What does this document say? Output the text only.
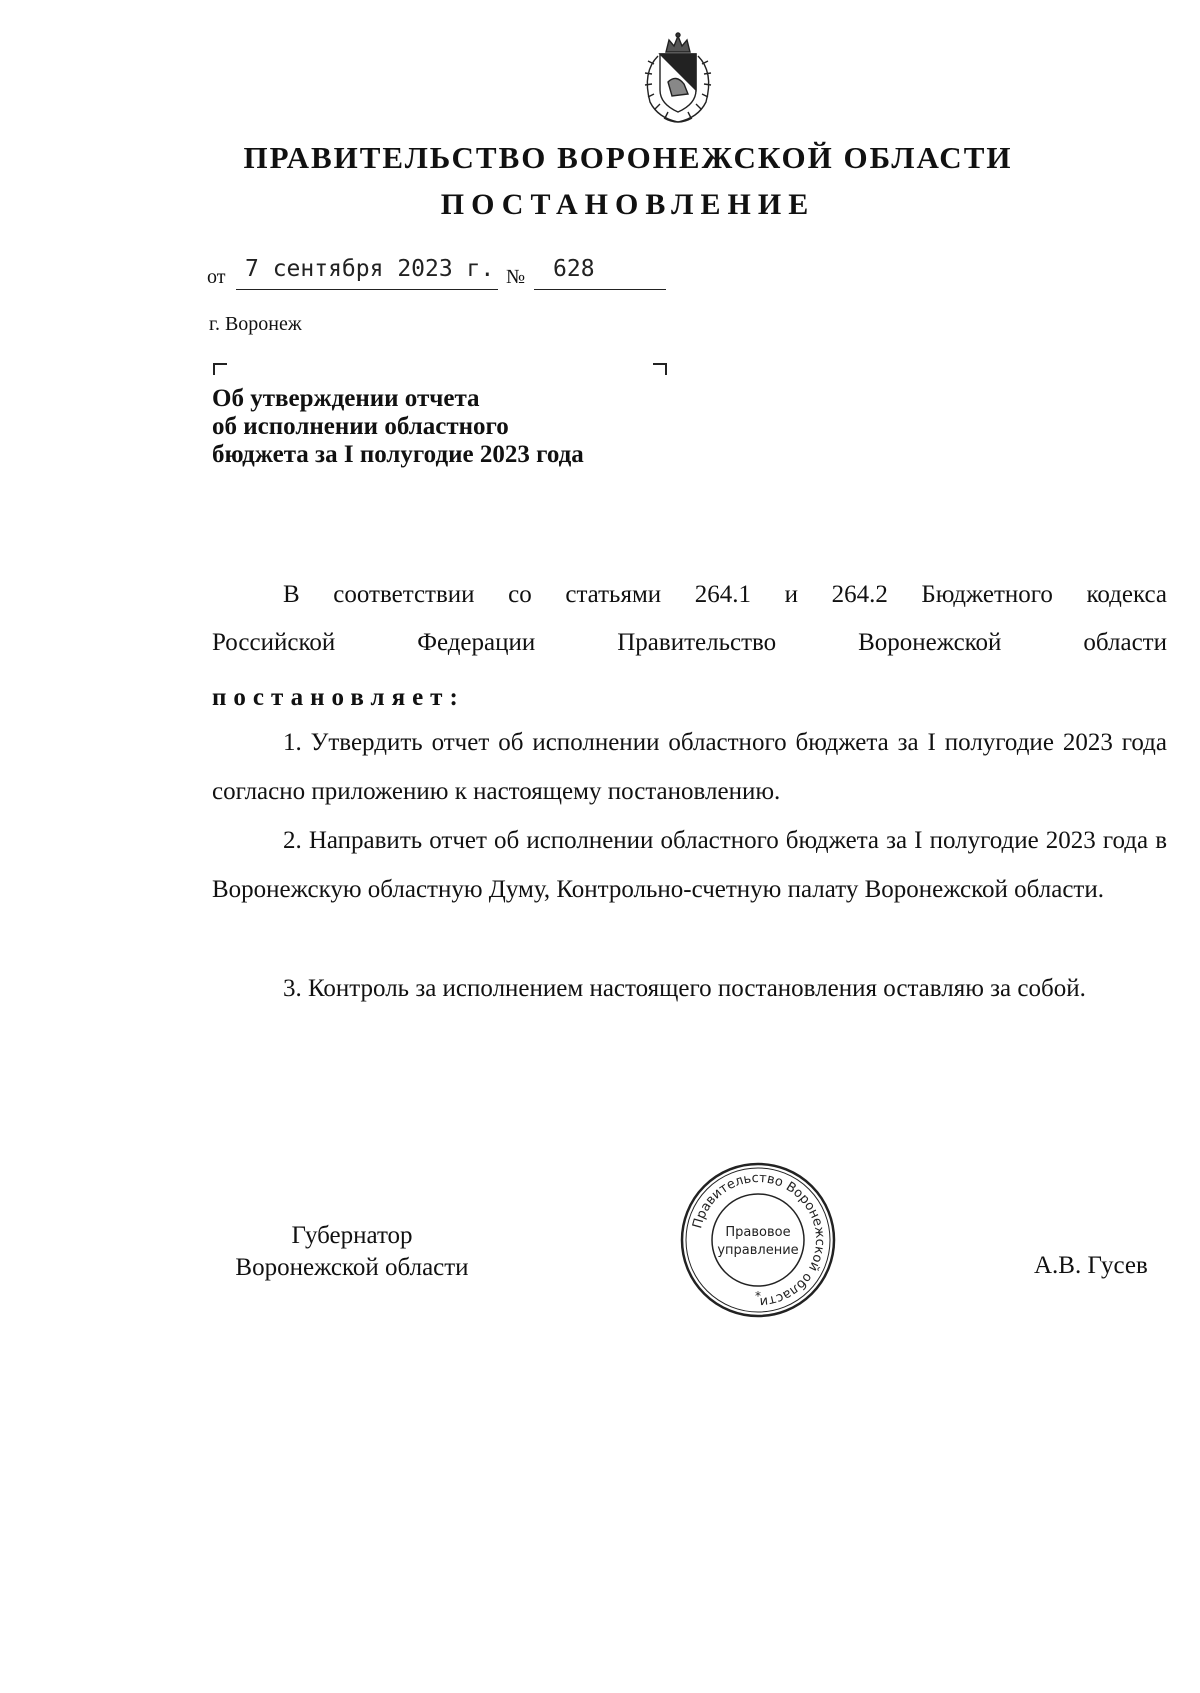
ПРАВИТЕЛЬСТВО ВОРОНЕЖСКОЙ ОБЛАСТИ
ПОСТАНОВЛЕНИЕ
от 7 сентября 2023 г. № 628
г. Воронеж
Об утверждении отчета
об исполнении областного
бюджета за I полугодие 2023 года
В соответствии со статьями 264.1 и 264.2 Бюджетного кодекса
Российской Федерации Правительство Воронежской области
постановляет:
1. Утвердить отчет об исполнении областного бюджета за I полугодие 2023 года согласно приложению к настоящему постановлению.
2. Направить отчет об исполнении областного бюджета за I полугодие 2023 года в Воронежскую областную Думу, Контрольно-счетную палату Воронежской области.
3. Контроль за исполнением настоящего постановления оставляю за собой.
Губернатор
Воронежской области	А.В. Гусев
Правительство Воронежской области
Правовое
управление
*
